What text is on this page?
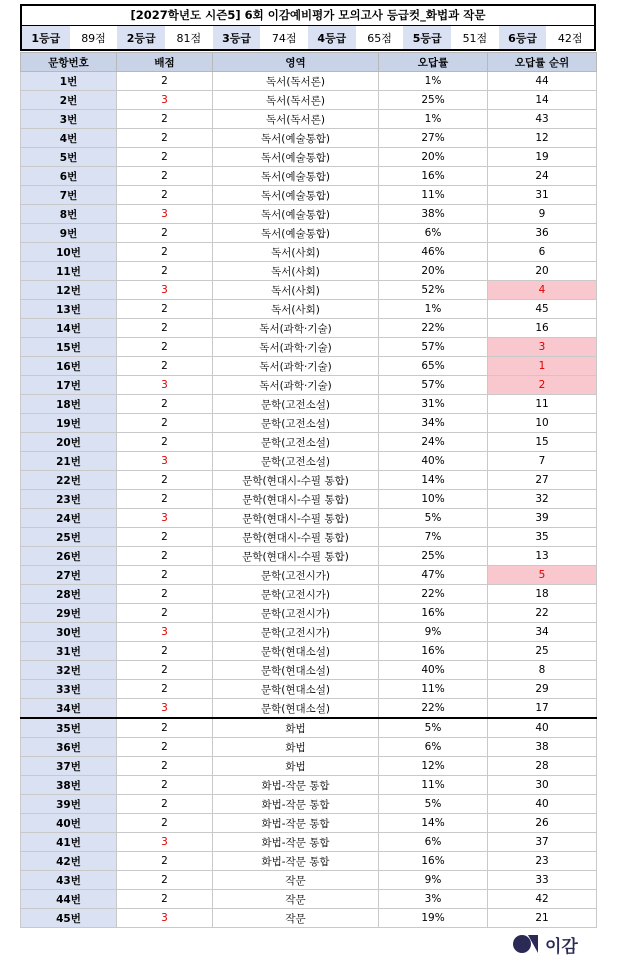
[2027학년도 시즌5] 6회 이감예비평가 모의고사 등급컷_화법과 작문
1등급	89점	2등급	81점	3등급	74점	4등급	65점	5등급	51점	6등급	42점
문항번호	배점	영역	오답률	오답률 순위
1번	2	독서(독서론)	1%	44
2번	3	독서(독서론)	25%	14
3번	2	독서(독서론)	1%	43
4번	2	독서(예술통합)	27%	12
5번	2	독서(예술통합)	20%	19
6번	2	독서(예술통합)	16%	24
7번	2	독서(예술통합)	11%	31
8번	3	독서(예술통합)	38%	9
9번	2	독서(예술통합)	6%	36
10번	2	독서(사회)	46%	6
11번	2	독서(사회)	20%	20
12번	3	독서(사회)	52%	4
13번	2	독서(사회)	1%	45
14번	2	독서(과학·기술)	22%	16
15번	2	독서(과학·기술)	57%	3
16번	2	독서(과학·기술)	65%	1
17번	3	독서(과학·기술)	57%	2
18번	2	문학(고전소설)	31%	11
19번	2	문학(고전소설)	34%	10
20번	2	문학(고전소설)	24%	15
21번	3	문학(고전소설)	40%	7
22번	2	문학(현대시-수필 통합)	14%	27
23번	2	문학(현대시-수필 통합)	10%	32
24번	3	문학(현대시-수필 통합)	5%	39
25번	2	문학(현대시-수필 통합)	7%	35
26번	2	문학(현대시-수필 통합)	25%	13
27번	2	문학(고전시가)	47%	5
28번	2	문학(고전시가)	22%	18
29번	2	문학(고전시가)	16%	22
30번	3	문학(고전시가)	9%	34
31번	2	문학(현대소설)	16%	25
32번	2	문학(현대소설)	40%	8
33번	2	문학(현대소설)	11%	29
34번	3	문학(현대소설)	22%	17
35번	2	화법	5%	40
36번	2	화법	6%	38
37번	2	화법	12%	28
38번	2	화법-작문 통합	11%	30
39번	2	화법-작문 통합	5%	40
40번	2	화법-작문 통합	14%	26
41번	3	화법-작문 통합	6%	37
42번	2	화법-작문 통합	16%	23
43번	2	작문	9%	33
44번	2	작문	3%	42
45번	3	작문	19%	21
이감
